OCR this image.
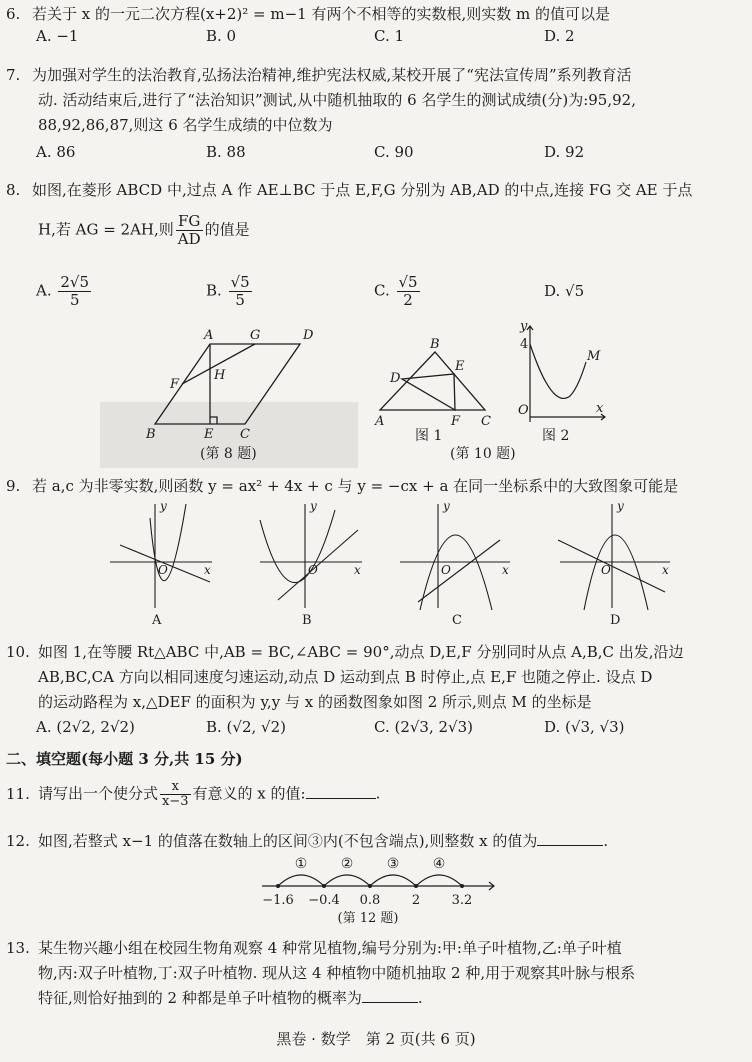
6. 若关于 x 的一元二次方程(x+2)² = m−1 有两个不相等的实数根,则实数 m 的值可以是
A. −1	B. 0	C. 1	D. 2
7. 为加强对学生的法治教育,弘扬法治精神,维护宪法权威,某校开展了“宪法宣传周”系列教育活
动. 活动结束后,进行了“法治知识”测试,从中随机抽取的 6 名学生的测试成绩(分)为:95,92,
88,92,86,87,则这 6 名学生成绩的中位数为
A. 86	B. 88	C. 90	D. 92
8. 如图,在菱形 ABCD 中,过点 A 作 AE⊥BC 于点 E,F,G 分别为 AB,AD 的中点,连接 FG 交 AE 于点
H,若 AG = 2AH,则 $\frac{FG}{AD}$ 的值是
A. $\frac{2√5}{5}$	B. $\frac{√5}{5}$	C. $\frac{√5}{2}$	D. √5
A	G	D
F
H
B	E C
(第 8 题)
B
E
D
A	F C
图 1
y
4
M
O	x
图 2
(第 10 题)
9. 若 a,c 为非零实数,则函数 y = ax² + 4x + c 与 y = −cx + a 在同一坐标系中的大致图象可能是
y
x
O
A
y
x
O
B
y
x
O
C
y
x
O
D
10. 如图 1,在等腰 Rt△ABC 中,AB = BC,∠ABC = 90°,动点 D,E,F 分别同时从点 A,B,C 出发,沿边
AB,BC,CA 方向以相同速度匀速运动,动点 D 运动到点 B 时停止,点 E,F 也随之停止. 设点 D
的运动路程为 x,△DEF 的面积为 y,y 与 x 的函数图象如图 2 所示,则点 M 的坐标是
A. (2√2, 2√2)	B. (√2, √2)	C. (2√3, 2√3)	D. (√3, √3)
二、填空题(每小题 3 分,共 15 分)
11. 请写出一个使分式 $\frac{x}{x-3}$ 有意义的 x 的值:	.
12. 如图,若整式 x−1 的值落在数轴上的区间③内(不包含端点),则整数 x 的值为	.
① ② ③ ④
−1.6 −0.4 0.8 2 3.2
(第 12 题)
13. 某生物兴趣小组在校园生物角观察 4 种常见植物,编号分别为:甲:单子叶植物,乙:单子叶植
物,丙:双子叶植物,丁:双子叶植物. 现从这 4 种植物中随机抽取 2 种,用于观察其叶脉与根系
特征,则恰好抽到的 2 种都是单子叶植物的概率为	.
黑卷 · 数学　第 2 页(共 6 页)
